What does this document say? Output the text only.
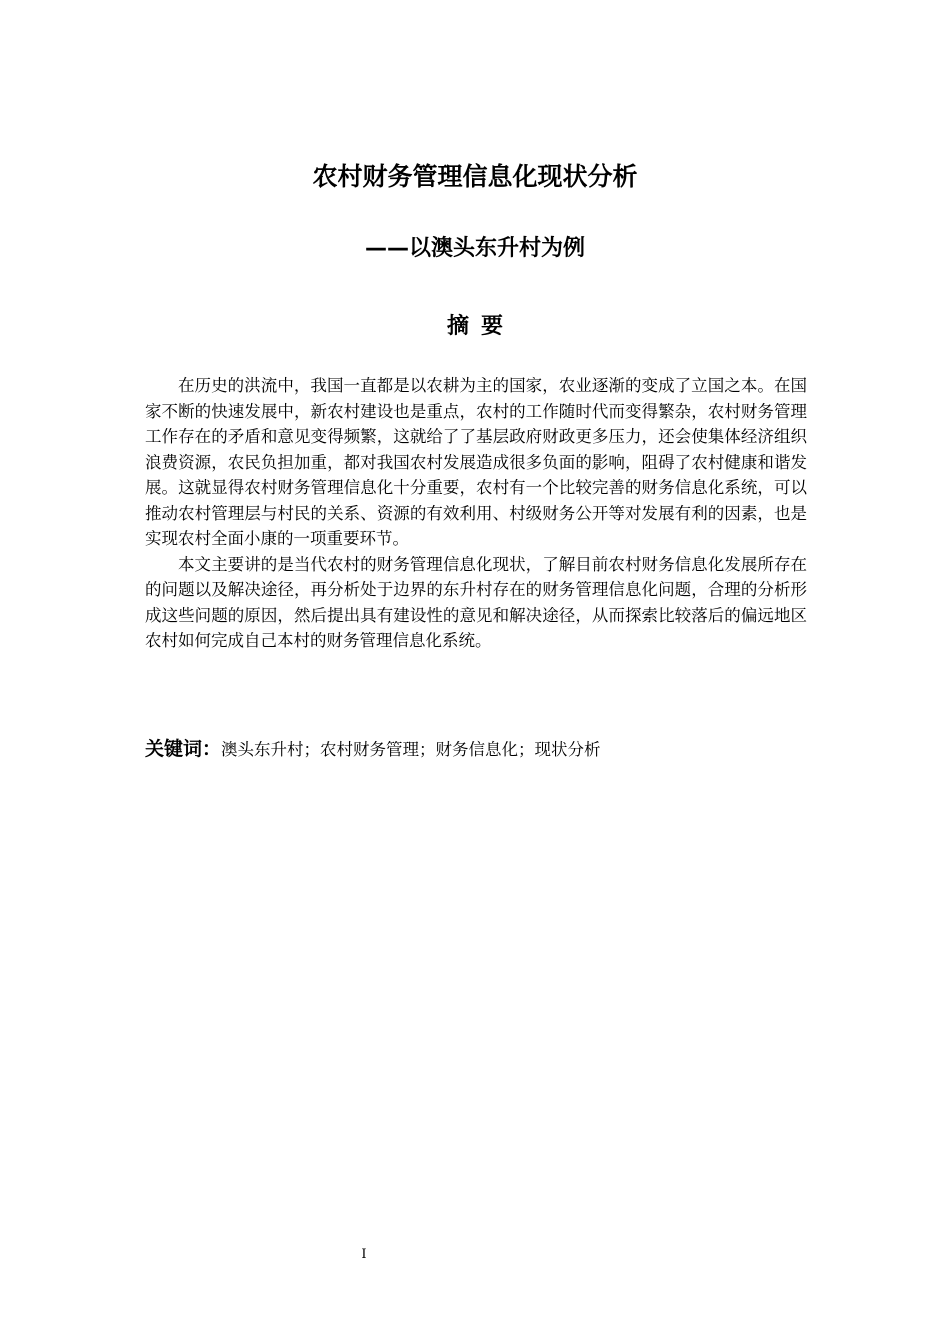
农村财务管理信息化现状分析
——以澳头东升村为例
摘要

在历史的洪流中，我国一直都是以农耕为主的国家，农业逐渐的变成了立国之本。在国家不断的快速发展中，新农村建设也是重点，农村的工作随时代而变得繁杂，农村财务管理工作存在的矛盾和意见变得频繁，这就给了了基层政府财政更多压力，还会使集体经济组织浪费资源，农民负担加重，都对我国农村发展造成很多负面的影响，阻碍了农村健康和谐发展。这就显得农村财务管理信息化十分重要，农村有一个比较完善的财务信息化系统，可以推动农村管理层与村民的关系、资源的有效利用、村级财务公开等对发展有利的因素，也是实现农村全面小康的一项重要环节。

本文主要讲的是当代农村的财务管理信息化现状，了解目前农村财务信息化发展所存在的问题以及解决途径，再分析处于边界的东升村存在的财务管理信息化问题，合理的分析形成这些问题的原因，然后提出具有建设性的意见和解决途径，从而探索比较落后的偏远地区农村如何完成自己本村的财务管理信息化系统。

关键词：澳头东升村；农村财务管理；财务信息化；现状分析
I
